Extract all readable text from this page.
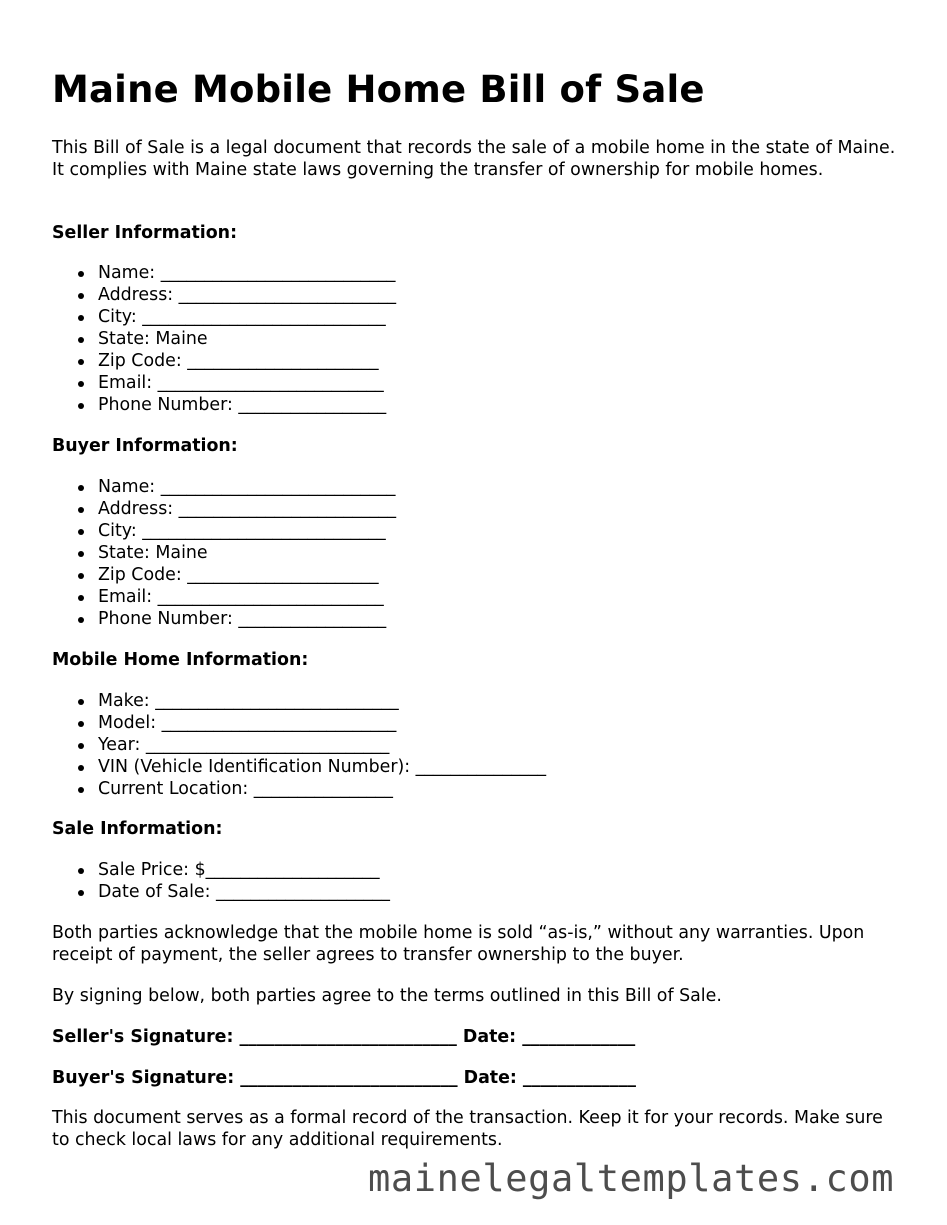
Maine Mobile Home Bill of Sale

This Bill of Sale is a legal document that records the sale of a mobile home in the state of Maine. It complies with Maine state laws governing the transfer of ownership for mobile homes.

Seller Information:

Name: ___________________________
Address: _________________________
City: ____________________________
State: Maine
Zip Code: ______________________
Email: __________________________
Phone Number: _________________

Buyer Information:

Name: ___________________________
Address: _________________________
City: ____________________________
State: Maine
Zip Code: ______________________
Email: __________________________
Phone Number: _________________

Mobile Home Information:

Make: ____________________________
Model: ___________________________
Year: ____________________________
VIN (Vehicle Identification Number): _______________
Current Location: ________________

Sale Information:

Sale Price: $____________________
Date of Sale: ____________________

Both parties acknowledge that the mobile home is sold “as-is,” without any warranties. Upon receipt of payment, the seller agrees to transfer ownership to the buyer.

By signing below, both parties agree to the terms outlined in this Bill of Sale.

Seller's Signature: _________________________ Date: _____________

Buyer's Signature: _________________________ Date: _____________

This document serves as a formal record of the transaction. Keep it for your records. Make sure to check local laws for any additional requirements.

mainelegaltemplates.com
